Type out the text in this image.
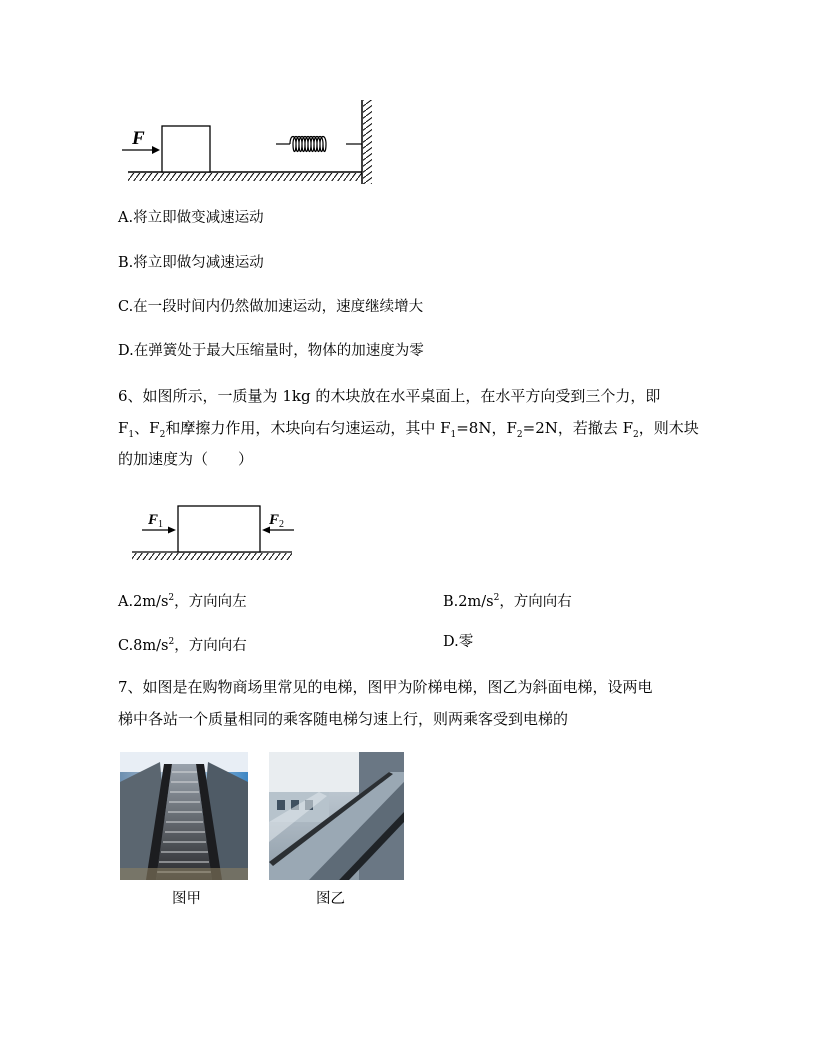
F
A.将立即做变减速运动
B.将立即做匀减速运动
C.在一段时间内仍然做加速运动，速度继续增大
D.在弹簧处于最大压缩量时，物体的加速度为零
6、如图所示，一质量为 1kg 的木块放在水平桌面上，在水平方向受到三个力，即
$F_1$、$F_2$和摩擦力作用，木块向右匀速运动，其中 $F_1=8N$，$F_2=2N$，若撤去 $F_2$，则木块
的加速度为（　　）
$F_1$	$F_2$
$A.2m/s^2$，方向向左	$B.2m/s^2$，方向向右
$C.8m/s^2$，方向向右	D.零
7、如图是在购物商场里常见的电梯，图甲为阶梯电梯，图乙为斜面电梯，设两电
梯中各站一个质量相同的乘客随电梯匀速上行，则两乘客受到电梯的
图甲	图乙
